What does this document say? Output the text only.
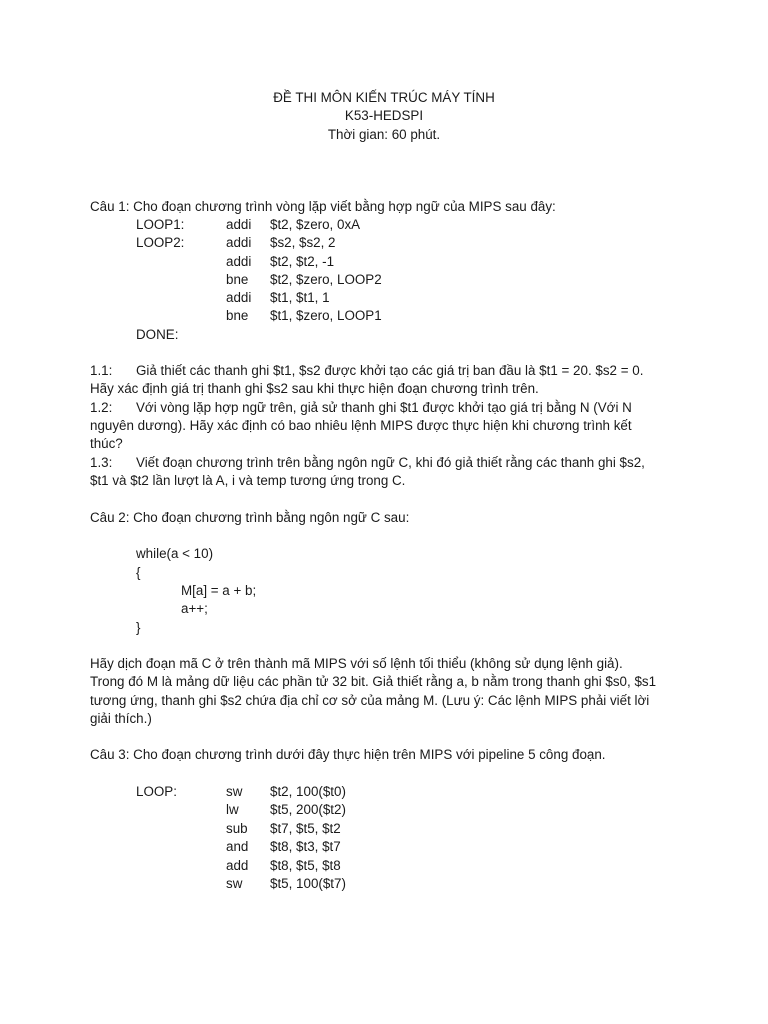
ĐỀ THI MÔN KIẾN TRÚC MÁY TÍNH
K53-HEDSPI
Thời gian: 60 phút.
Câu 1: Cho đoạn chương trình vòng lặp viết bằng hợp ngữ của MIPS sau đây:
LOOP1:	addi $t2, $zero, 0xA
LOOP2:	addi $s2, $s2, 2
addi $t2, $t2, -1
bne $t2, $zero, LOOP2
addi $t1, $t1, 1
bne $t1, $zero, LOOP1
DONE:
1.1: Giả thiết các thanh ghi $t1, $s2 được khởi tạo các giá trị ban đầu là $t1 = 20. $s2 = 0.
Hãy xác định giá trị thanh ghi $s2 sau khi thực hiện đoạn chương trình trên.
1.2: Với vòng lặp hợp ngữ trên, giả sử thanh ghi $t1 được khởi tạo giá trị bằng N (Với N
nguyên dương). Hãy xác định có bao nhiêu lệnh MIPS được thực hiện khi chương trình kết
thúc?
1.3: Viết đoạn chương trình trên bằng ngôn ngữ C, khi đó giả thiết rằng các thanh ghi $s2,
$t1 và $t2 lần lượt là A, i và temp tương ứng trong C.
Câu 2: Cho đoạn chương trình bằng ngôn ngữ C sau:
while(a < 10)
{
M[a] = a + b;
a++;
}
Hãy dịch đoạn mã C ở trên thành mã MIPS với số lệnh tối thiểu (không sử dụng lệnh giả).
Trong đó M là mảng dữ liệu các phần tử 32 bit. Giả thiết rằng a, b nằm trong thanh ghi $s0, $s1
tương ứng, thanh ghi $s2 chứa địa chỉ cơ sở của mảng M. (Lưu ý: Các lệnh MIPS phải viết lời
giải thích.)
Câu 3: Cho đoạn chương trình dưới đây thực hiện trên MIPS với pipeline 5 công đoạn.
LOOP:	sw $t2, 100($t0)
lw $t5, 200($t2)
sub $t7, $t5, $t2
and $t8, $t3, $t7
add $t8, $t5, $t8
sw $t5, 100($t7)
